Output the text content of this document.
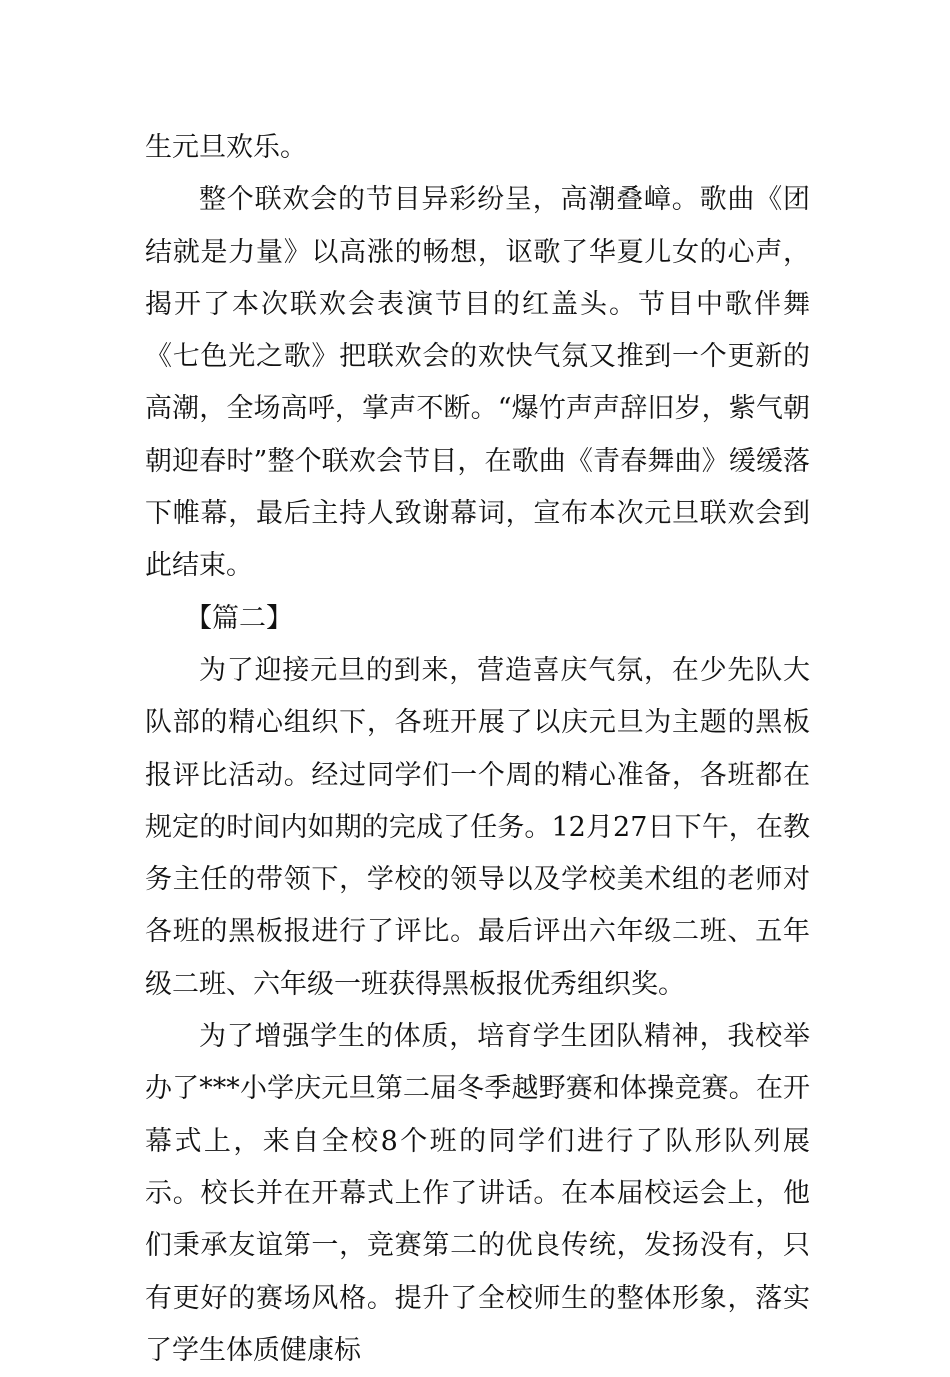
生元旦欢乐。

整个联欢会的节目异彩纷呈，高潮叠嶂。歌曲《团结就是力量》以高涨的畅想，讴歌了华夏儿女的心声，揭开了本次联欢会表演节目的红盖头。节目中歌伴舞《七色光之歌》把联欢会的欢快气氛又推到一个更新的高潮，全场高呼，掌声不断。“爆竹声声辞旧岁，紫气朝朝迎春时”整个联欢会节目，在歌曲《青春舞曲》缓缓落下帷幕，最后主持人致谢幕词，宣布本次元旦联欢会到此结束。

【篇二】

为了迎接元旦的到来，营造喜庆气氛，在少先队大队部的精心组织下，各班开展了以庆元旦为主题的黑板报评比活动。经过同学们一个周的精心准备，各班都在规定的时间内如期的完成了任务。12月27日下午，在教务主任的带领下，学校的领导以及学校美术组的老师对各班的黑板报进行了评比。最后评出六年级二班、五年级二班、六年级一班获得黑板报优秀组织奖。

为了增强学生的体质，培育学生团队精神，我校举办了***小学庆元旦第二届冬季越野赛和体操竞赛。在开幕式上，来自全校8个班的同学们进行了队形队列展示。校长并在开幕式上作了讲话。在本届校运会上，他们秉承友谊第一，竞赛第二的优良传统，发扬没有，只有更好的赛场风格。提升了全校师生的整体形象，落实了学生体质健康标
